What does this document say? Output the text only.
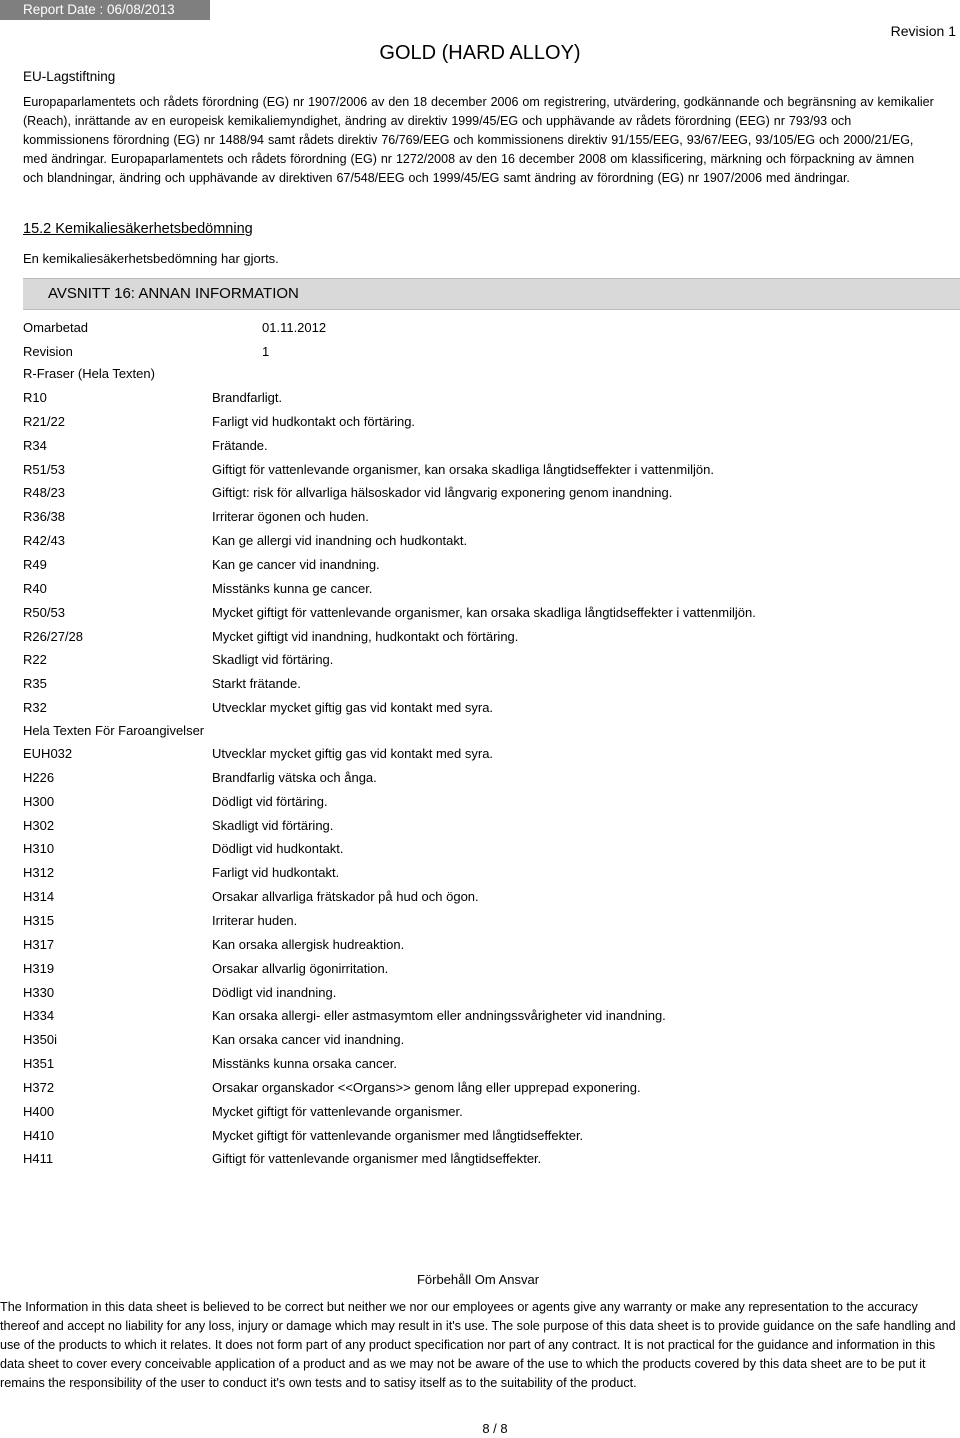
Report Date : 06/08/2013
GOLD (HARD ALLOY)
Revision 1
EU-Lagstiftning
Europaparlamentets och rådets förordning (EG) nr 1907/2006 av den 18 december 2006 om registrering, utvärdering, godkännande och begränsning av kemikalier (Reach), inrättande av en europeisk kemikaliemyndighet, ändring av direktiv 1999/45/EG och upphävande av rådets förordning (EEG) nr 793/93 och kommissionens förordning (EG) nr 1488/94 samt rådets direktiv 76/769/EEG och kommissionens direktiv 91/155/EEG, 93/67/EEG, 93/105/EG och 2000/21/EG, med ändringar. Europaparlamentets och rådets förordning (EG) nr 1272/2008 av den 16 december 2008 om klassificering, märkning och förpackning av ämnen och blandningar, ändring och upphävande av direktiven 67/548/EEG och 1999/45/EG samt ändring av förordning (EG) nr 1907/2006 med ändringar.
15.2 Kemikaliesäkerhetsbedömning
En kemikaliesäkerhetsbedömning har gjorts.
AVSNITT 16: ANNAN INFORMATION
Omarbetad	01.11.2012
Revision	1
R-Fraser (Hela Texten)
R10	Brandfarligt.
R21/22	Farligt vid hudkontakt och förtäring.
R34	Frätande.
R51/53	Giftigt för vattenlevande organismer, kan orsaka skadliga långtidseffekter i vattenmiljön.
R48/23	Giftigt: risk för allvarliga hälsoskador vid långvarig exponering genom inandning.
R36/38	Irriterar ögonen och huden.
R42/43	Kan ge allergi vid inandning och hudkontakt.
R49	Kan ge cancer vid inandning.
R40	Misstänks kunna ge cancer.
R50/53	Mycket giftigt för vattenlevande organismer, kan orsaka skadliga långtidseffekter i vattenmiljön.
R26/27/28	Mycket giftigt vid inandning, hudkontakt och förtäring.
R22	Skadligt vid förtäring.
R35	Starkt frätande.
R32	Utvecklar mycket giftig gas vid kontakt med syra.
Hela Texten För Faroangivelser
EUH032	Utvecklar mycket giftig gas vid kontakt med syra.
H226	Brandfarlig vätska och ånga.
H300	Dödligt vid förtäring.
H302	Skadligt vid förtäring.
H310	Dödligt vid hudkontakt.
H312	Farligt vid hudkontakt.
H314	Orsakar allvarliga frätskador på hud och ögon.
H315	Irriterar huden.
H317	Kan orsaka allergisk hudreaktion.
H319	Orsakar allvarlig ögonirritation.
H330	Dödligt vid inandning.
H334	Kan orsaka allergi- eller astmasymtom eller andningssvårigheter vid inandning.
H350i	Kan orsaka cancer vid inandning.
H351	Misstänks kunna orsaka cancer.
H372	Orsakar organskador <<Organs>> genom lång eller upprepad exponering.
H400	Mycket giftigt för vattenlevande organismer.
H410	Mycket giftigt för vattenlevande organismer med långtidseffekter.
H411	Giftigt för vattenlevande organismer med långtidseffekter.
Förbehåll Om Ansvar
The Information in this data sheet is believed to be correct but neither we nor our employees or agents give any warranty or make any representation to the accuracy thereof and accept no liability for any loss, injury or damage which may result in it's use. The sole purpose of this data sheet is to provide guidance on the safe handling and use of the products to which it relates. It does not form part of any product specification nor part of any contract. It is not practical for the guidance and information in this data sheet to cover every conceivable application of a product and as we may not be aware of the use to which the products covered by this data sheet are to be put it remains the responsibility of the user to conduct it's own tests and to satisy itself as to the suitability of the product.
8 / 8
